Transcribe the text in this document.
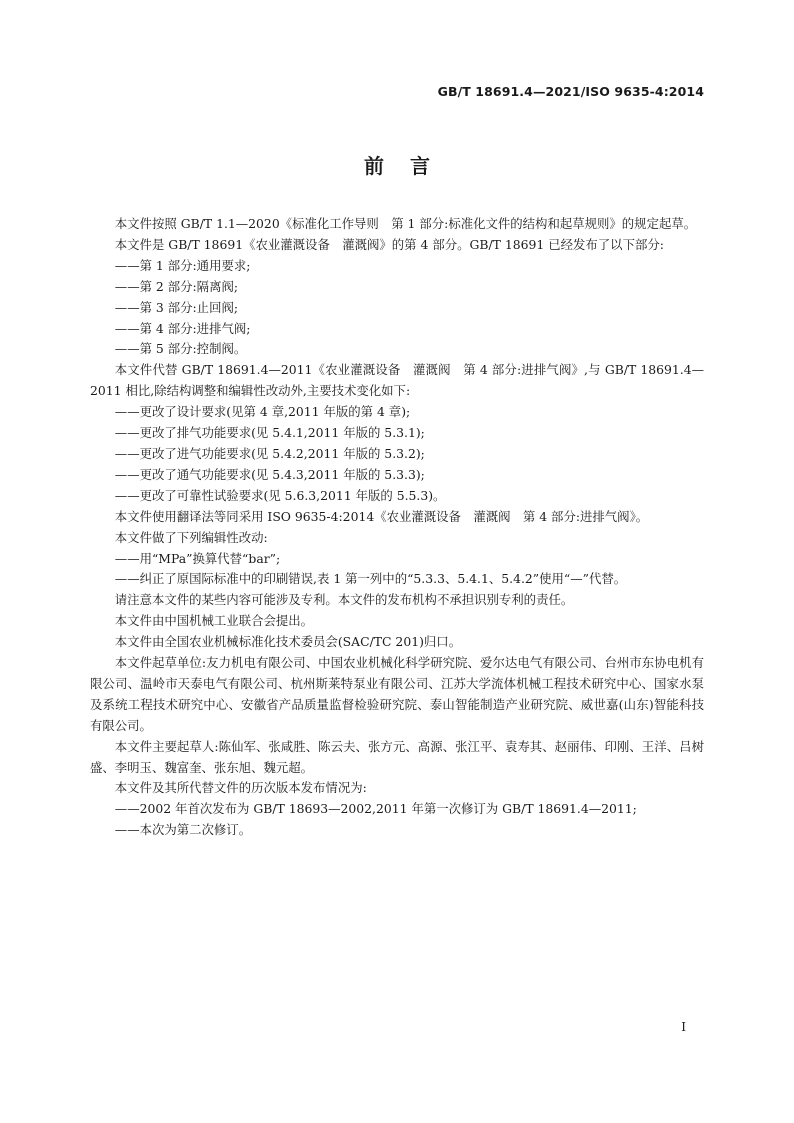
GB/T 18691.4—2021/ISO 9635-4:2014
前言

本文件按照 GB/T 1.1—2020《标准化工作导则　第 1 部分:标准化文件的结构和起草规则》的规定起草。

本文件是 GB/T 18691《农业灌溉设备　灌溉阀》的第 4 部分。GB/T 18691 已经发布了以下部分:

——第 1 部分:通用要求;

——第 2 部分:隔离阀;

——第 3 部分:止回阀;

——第 4 部分:进排气阀;

——第 5 部分:控制阀。

本文件代替 GB/T 18691.4—2011《农业灌溉设备　灌溉阀　第 4 部分:进排气阀》,与 GB/T 18691.4—2011 相比,除结构调整和编辑性改动外,主要技术变化如下:

——更改了设计要求(见第 4 章,2011 年版的第 4 章);

——更改了排气功能要求(见 5.4.1,2011 年版的 5.3.1);

——更改了进气功能要求(见 5.4.2,2011 年版的 5.3.2);

——更改了通气功能要求(见 5.4.3,2011 年版的 5.3.3);

——更改了可靠性试验要求(见 5.6.3,2011 年版的 5.5.3)。

本文件使用翻译法等同采用 ISO 9635-4:2014《农业灌溉设备　灌溉阀　第 4 部分:进排气阀》。

本文件做了下列编辑性改动:

——用“MPa”换算代替“bar”;

——纠正了原国际标准中的印刷错误,表 1 第一列中的“5.3.3、5.4.1、5.4.2”使用“—”代替。

请注意本文件的某些内容可能涉及专利。本文件的发布机构不承担识别专利的责任。

本文件由中国机械工业联合会提出。

本文件由全国农业机械标准化技术委员会(SAC/TC 201)归口。

本文件起草单位:友力机电有限公司、中国农业机械化科学研究院、爱尔达电气有限公司、台州市东协电机有限公司、温岭市天泰电气有限公司、杭州斯莱特泵业有限公司、江苏大学流体机械工程技术研究中心、国家水泵及系统工程技术研究中心、安徽省产品质量监督检验研究院、泰山智能制造产业研究院、威世嘉(山东)智能科技有限公司。

本文件主要起草人:陈仙军、张咸胜、陈云夫、张方元、高源、张江平、袁寿其、赵丽伟、印刚、王洋、吕树盛、李明玉、魏富奎、张东旭、魏元超。

本文件及其所代替文件的历次版本发布情况为:

——2002 年首次发布为 GB/T 18693—2002,2011 年第一次修订为 GB/T 18691.4—2011;

——本次为第二次修订。

I
